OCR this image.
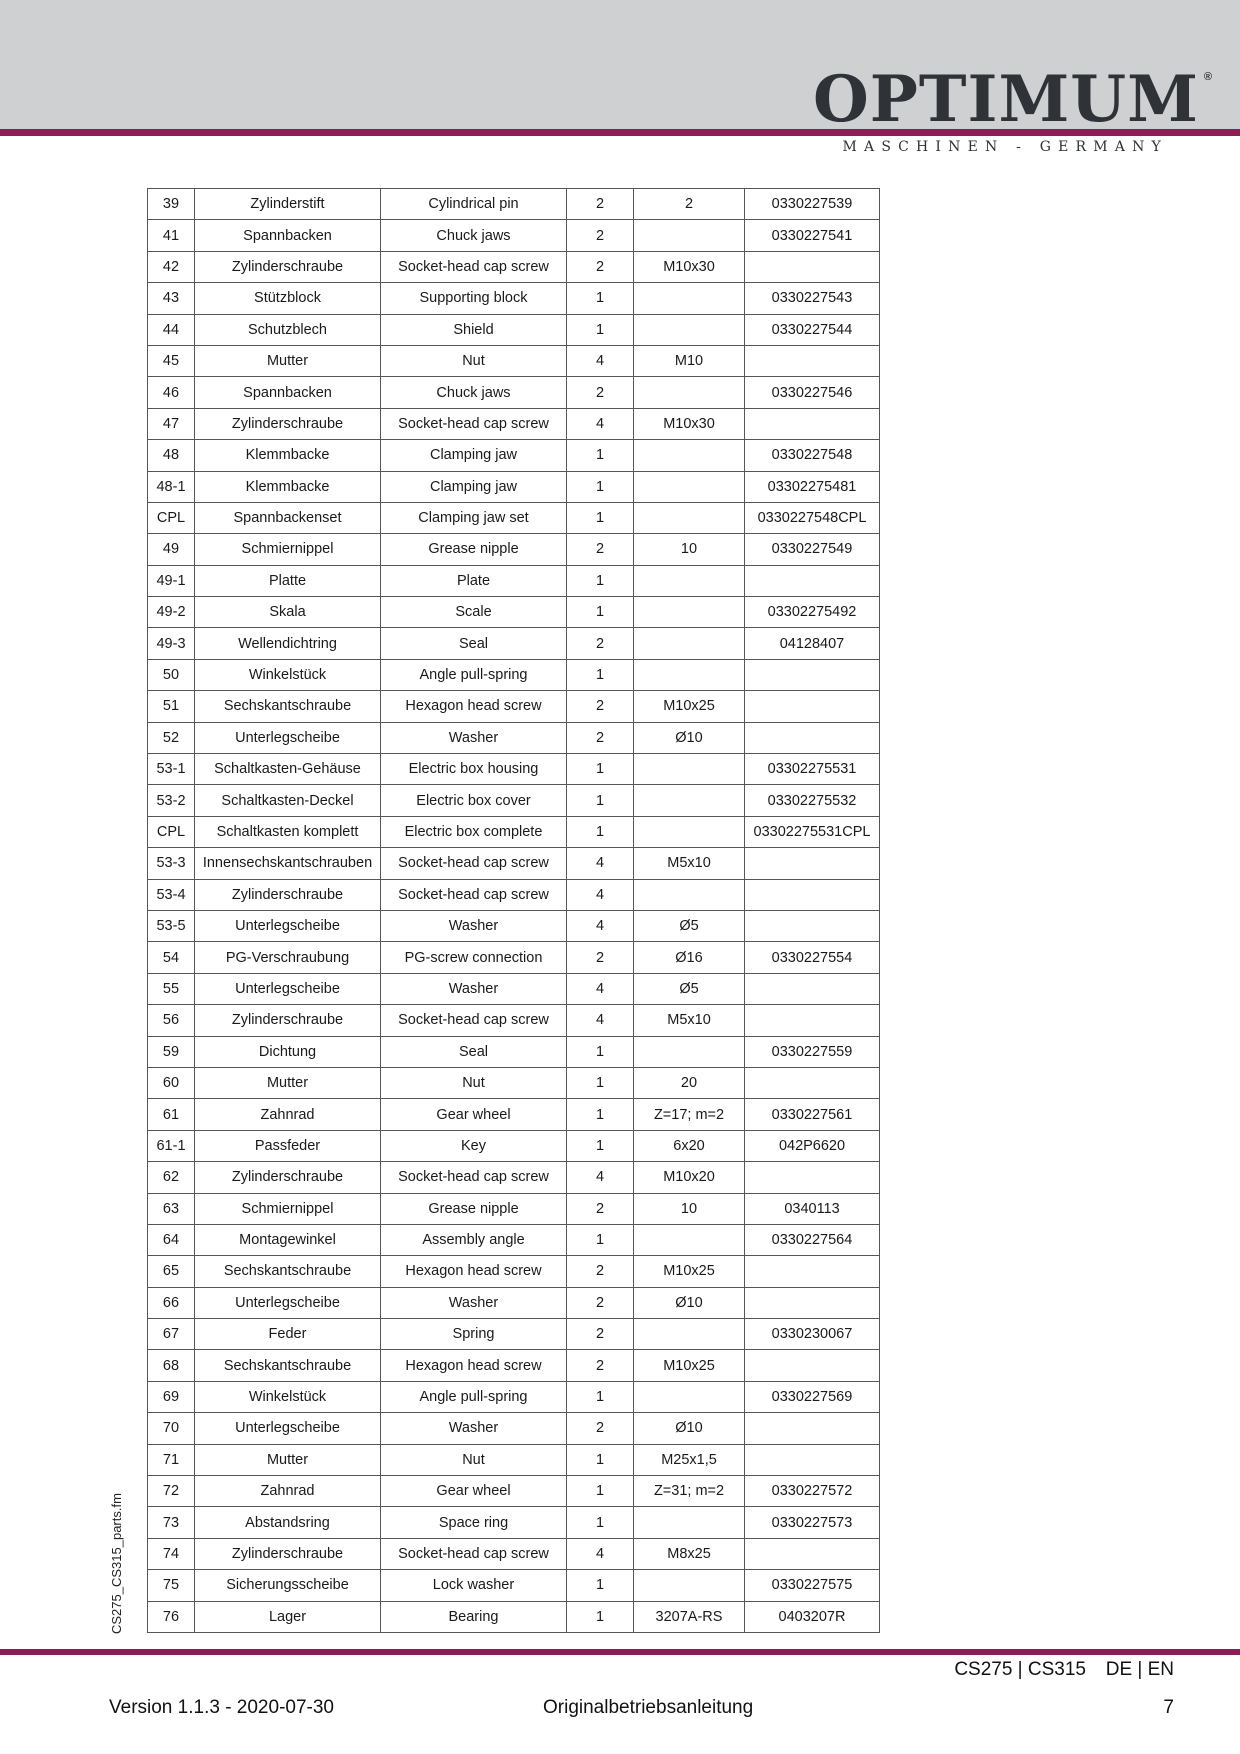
OPTIMUM ®
MASCHINEN - GERMANY
CS275_CS315_parts.fm
39	Zylinderstift	Cylindrical pin	2	2	0330227539
41	Spannbacken	Chuck jaws	2		0330227541
42	Zylinderschraube	Socket-head cap screw	2	M10x30	
43	Stützblock	Supporting block	1		0330227543
44	Schutzblech	Shield	1		0330227544
45	Mutter	Nut	4	M10	
46	Spannbacken	Chuck jaws	2		0330227546
47	Zylinderschraube	Socket-head cap screw	4	M10x30	
48	Klemmbacke	Clamping jaw	1		0330227548
48-1	Klemmbacke	Clamping jaw	1		03302275481
CPL	Spannbackenset	Clamping jaw set	1		0330227548CPL
49	Schmiernippel	Grease nipple	2	10	0330227549
49-1	Platte	Plate	1		
49-2	Skala	Scale	1		03302275492
49-3	Wellendichtring	Seal	2		04128407
50	Winkelstück	Angle pull-spring	1		
51	Sechskantschraube	Hexagon head screw	2	M10x25	
52	Unterlegscheibe	Washer	2	Ø10	
53-1	Schaltkasten-Gehäuse	Electric box housing	1		03302275531
53-2	Schaltkasten-Deckel	Electric box cover	1		03302275532
CPL	Schaltkasten komplett	Electric box complete	1		03302275531CPL
53-3	Innensechskantschrauben	Socket-head cap screw	4	M5x10	
53-4	Zylinderschraube	Socket-head cap screw	4		
53-5	Unterlegscheibe	Washer	4	Ø5	
54	PG-Verschraubung	PG-screw connection	2	Ø16	0330227554
55	Unterlegscheibe	Washer	4	Ø5	
56	Zylinderschraube	Socket-head cap screw	4	M5x10	
59	Dichtung	Seal	1		0330227559
60	Mutter	Nut	1	20	
61	Zahnrad	Gear wheel	1	Z=17; m=2	0330227561
61-1	Passfeder	Key	1	6x20	042P6620
62	Zylinderschraube	Socket-head cap screw	4	M10x20	
63	Schmiernippel	Grease nipple	2	10	0340113
64	Montagewinkel	Assembly angle	1		0330227564
65	Sechskantschraube	Hexagon head screw	2	M10x25	
66	Unterlegscheibe	Washer	2	Ø10	
67	Feder	Spring	2		0330230067
68	Sechskantschraube	Hexagon head screw	2	M10x25	
69	Winkelstück	Angle pull-spring	1		0330227569
70	Unterlegscheibe	Washer	2	Ø10	
71	Mutter	Nut	1	M25x1,5	
72	Zahnrad	Gear wheel	1	Z=31; m=2	0330227572
73	Abstandsring	Space ring	1		0330227573
74	Zylinderschraube	Socket-head cap screw	4	M8x25	
75	Sicherungsscheibe	Lock washer	1		0330227575
76	Lager	Bearing	1	3207A-RS	0403207R
CS275 | CS315 DE | EN
Version 1.1.3 - 2020-07-30	Originalbetriebsanleitung	7
